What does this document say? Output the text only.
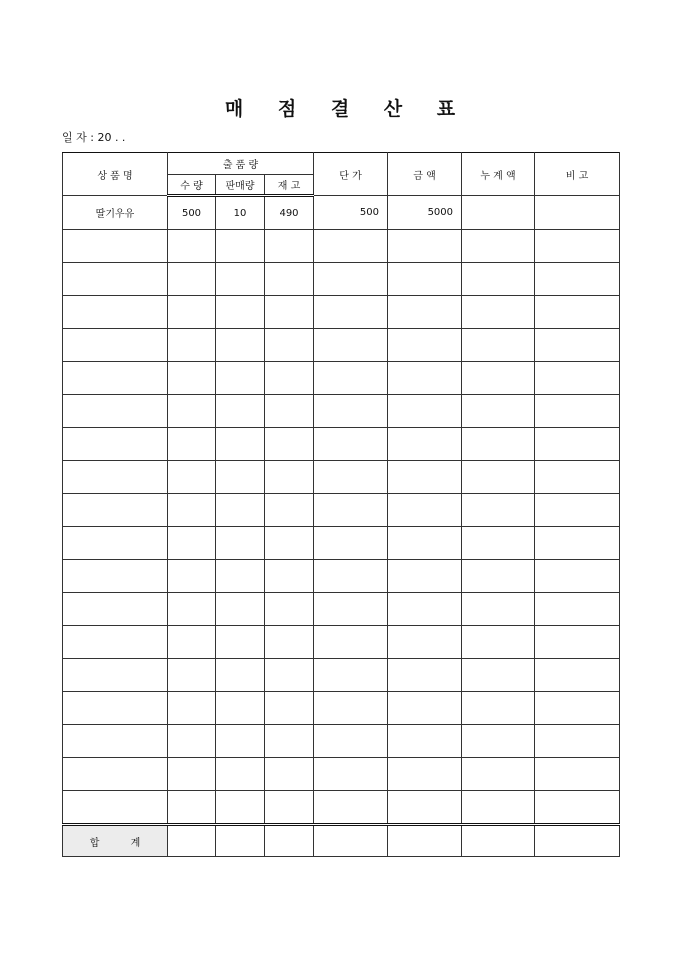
매 점 결 산 표
일 자 : 20 . .
상 품 명	출 품 량			단 가	금 액	누 계 액	비 고
	수 량	판매량	재 고				
딸기우유	500	10	490	500	5000		

합 계							
